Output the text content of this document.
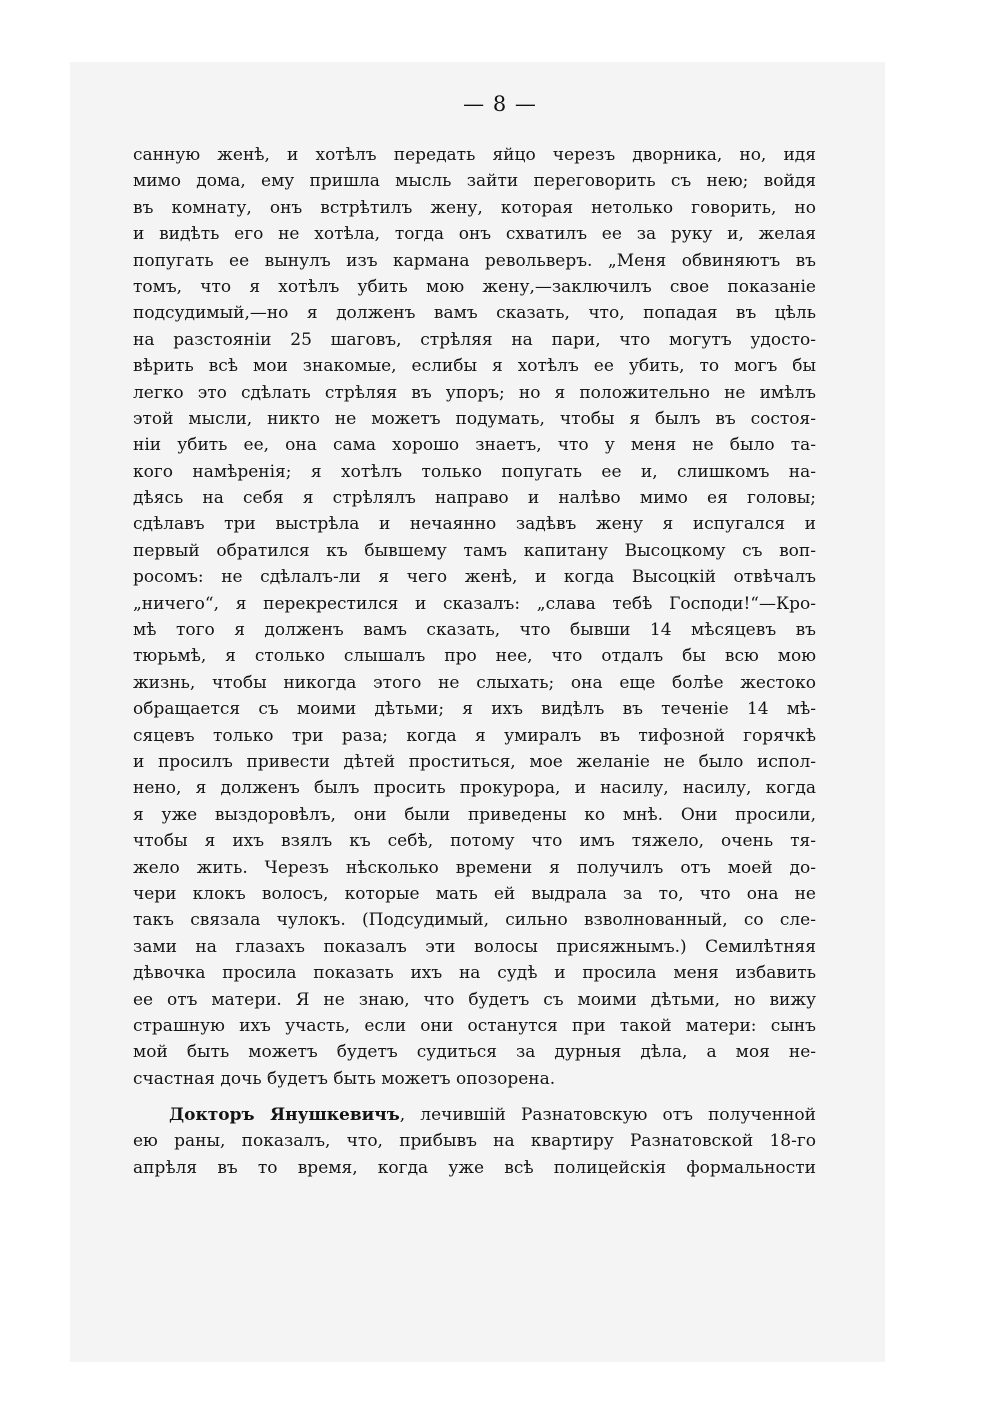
— 8 —
санную женѣ, и хотѣлъ передать яйцо черезъ дворника, но, идя
мимо дома, ему пришла мысль зайти переговорить съ нею; войдя
въ комнату, онъ встрѣтилъ жену, которая нетолько говорить, но
и видѣть его не хотѣла, тогда онъ схватилъ ее за руку и, желая
попугать ее вынулъ изъ кармана револьверъ. „Меня обвиняютъ въ
томъ, что я хотѣлъ убить мою жену,—заключилъ свое показаніе
подсудимый,—но я долженъ вамъ сказать, что, попадая въ цѣль
на разстояніи 25 шаговъ, стрѣляя на пари, что могутъ удосто-
вѣрить всѣ мои знакомые, еслибы я хотѣлъ ее убить, то могъ бы
легко это сдѣлать стрѣляя въ упоръ; но я положительно не имѣлъ
этой мысли, никто не можетъ подумать, чтобы я былъ въ состоя-
ніи убить ее, она сама хорошо знаетъ, что у меня не было та-
кого намѣренія; я хотѣлъ только попугать ее и, слишкомъ на-
дѣясь на себя я стрѣлялъ направо и налѣво мимо ея головы;
сдѣлавъ три выстрѣла и нечаянно задѣвъ жену я испугался и
первый обратился къ бывшему тамъ капитану Высоцкому съ воп-
росомъ: не сдѣлалъ-ли я чего женѣ, и когда Высоцкій отвѣчалъ
„ничего“, я перекрестился и сказалъ: „слава тебѣ Господи!“—Кро-
мѣ того я долженъ вамъ сказать, что бывши 14 мѣсяцевъ въ
тюрьмѣ, я столько слышалъ про нее, что отдалъ бы всю мою
жизнь, чтобы никогда этого не слыхать; она еще болѣе жестоко
обращается съ моими дѣтьми; я ихъ видѣлъ въ теченіе 14 мѣ-
сяцевъ только три раза; когда я умиралъ въ тифозной горячкѣ
и просилъ привести дѣтей проститься, мое желаніе не было испол-
нено, я долженъ былъ просить прокурора, и насилу, насилу, когда
я уже выздоровѣлъ, они были приведены ко мнѣ. Они просили,
чтобы я ихъ взялъ къ себѣ, потому что имъ тяжело, очень тя-
жело жить. Черезъ нѣсколько времени я получилъ отъ моей до-
чери клокъ волосъ, которые мать ей выдрала за то, что она не
такъ связала чулокъ. (Подсудимый, сильно взволнованный, со сле-
зами на глазахъ показалъ эти волосы присяжнымъ.) Семилѣтняя
дѣвочка просила показать ихъ на судѣ и просила меня избавить
ее отъ матери. Я не знаю, что будетъ съ моими дѣтьми, но вижу
страшную ихъ участь, если они останутся при такой матери: сынъ
мой быть можетъ будетъ судиться за дурныя дѣла, а моя не-
счастная дочь будетъ быть можетъ опозорена.
Докторъ Янушкевичъ, лечившій Разнатовскую отъ полученной
ею раны, показалъ, что, прибывъ на квартиру Разнатовской 18-го
апрѣля въ то время, когда уже всѣ полицейскія формальности
